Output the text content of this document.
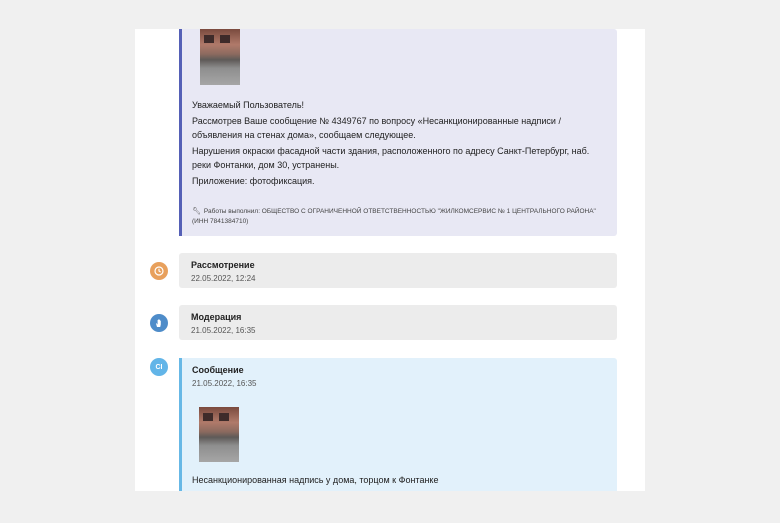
Уважаемый Пользователь!
Рассмотрев Ваше сообщение № 4349767 по вопросу «Несанкционированные надписи / объявления на стенах дома», сообщаем следующее.
Нарушения окраски фасадной части здания, расположенного по адресу Санкт-Петербург, наб. реки Фонтанки, дом 30, устранены.
Приложение: фотофиксация.
🔧︎ Работы выполнил: ОБЩЕСТВО С ОГРАНИЧЕННОЙ ОТВЕТСТВЕННОСТЬЮ "ЖИЛКОМСЕРВИС № 1 ЦЕНТРАЛЬНОГО РАЙОНА" (ИНН 7841384710)
Рассмотрение
22.05.2022, 12:24
Модерация
21.05.2022, 16:35
СI	Сообщение
21.05.2022, 16:35
Несанкционированная надпись у дома, торцом к Фонтанке
